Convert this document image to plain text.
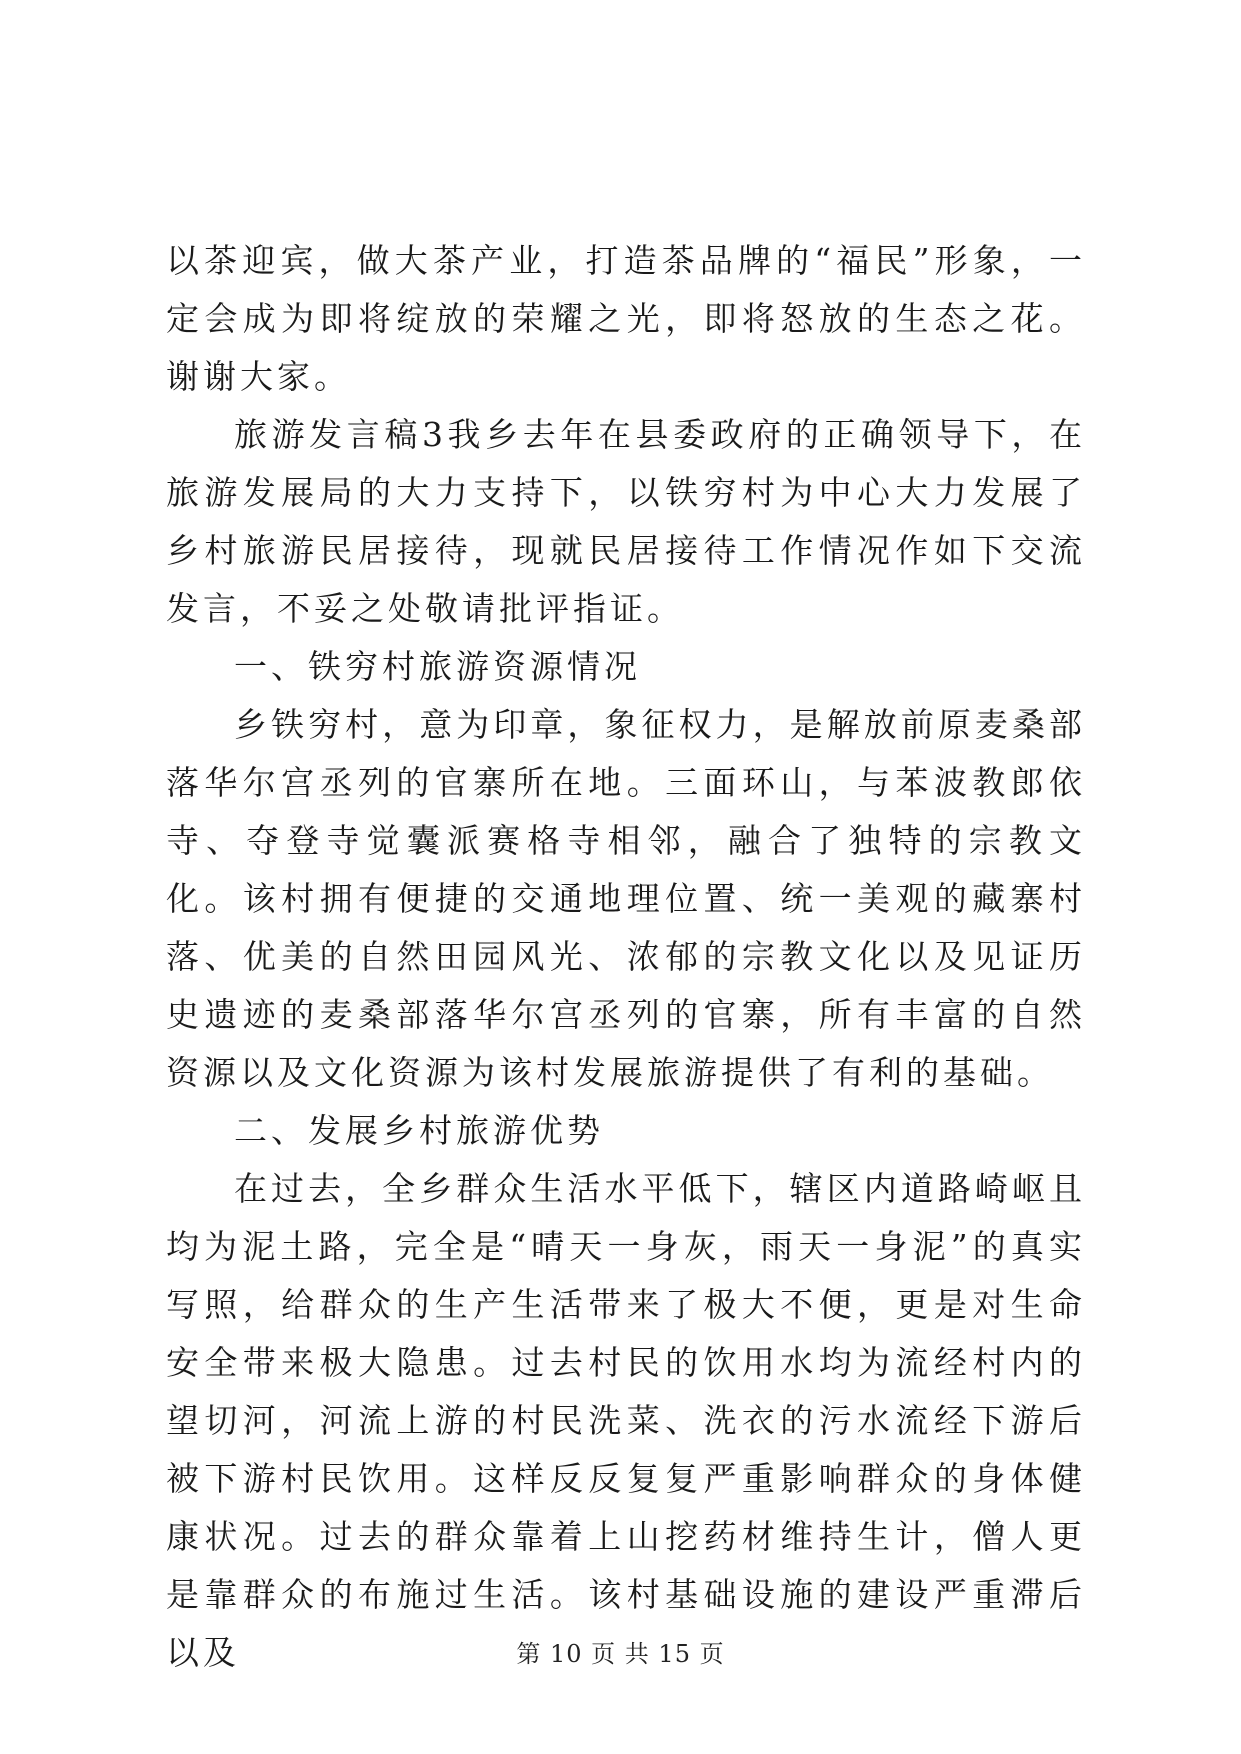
以茶迎宾，做大茶产业，打造茶品牌的“福民”形象，一定会成为即将绽放的荣耀之光，即将怒放的生态之花。谢谢大家。

旅游发言稿3我乡去年在县委政府的正确领导下，在旅游发展局的大力支持下，以铁穷村为中心大力发展了乡村旅游民居接待，现就民居接待工作情况作如下交流发言，不妥之处敬请批评指证。

一、铁穷村旅游资源情况

乡铁穷村，意为印章，象征权力，是解放前原麦桑部落华尔宫丞列的官寨所在地。三面环山，与苯波教郎依寺、夺登寺觉囊派赛格寺相邻，融合了独特的宗教文化。该村拥有便捷的交通地理位置、统一美观的藏寨村落、优美的自然田园风光、浓郁的宗教文化以及见证历史遗迹的麦桑部落华尔宫丞列的官寨，所有丰富的自然资源以及文化资源为该村发展旅游提供了有利的基础。

二、发展乡村旅游优势

在过去，全乡群众生活水平低下，辖区内道路崎岖且均为泥土路，完全是“晴天一身灰，雨天一身泥”的真实写照，给群众的生产生活带来了极大不便，更是对生命安全带来极大隐患。过去村民的饮用水均为流经村内的望切河，河流上游的村民洗菜、洗衣的污水流经下游后被下游村民饮用。这样反反复复严重影响群众的身体健康状况。过去的群众靠着上山挖药材维持生计，僧人更是靠群众的布施过生活。该村基础设施的建设严重滞后以及	第 10 页 共 15 页
